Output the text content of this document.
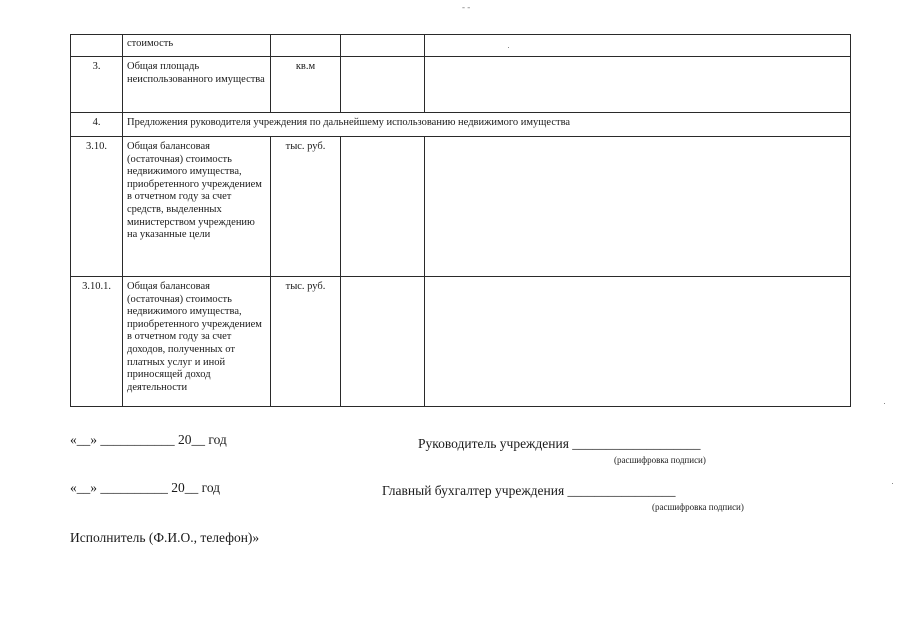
- -
	стоимость			
3.	Общая площадь неиспользованного имущества	кв.м		
4.	Предложения руководителя учреждения по дальнейшему использованию недвижимого имущества			
3.10.	Общая балансовая (остаточная) стоимость недвижимого имущества, приобретенного учреждением в отчетном году за счет средств, выделенных министерством учреждению на указанные цели	тыс. руб.		
3.10.1.	Общая балансовая (остаточная) стоимость недвижимого имущества, приобретенного учреждением в отчетном году за счет доходов, полученных от платных услуг и иной приносящей доход деятельности	тыс. руб.		
«__» ___________ 20__ год	Руководитель учреждения ___________________
(расшифровка подписи)
«__» __________ 20__ год	Главный бухгалтер учреждения ________________
(расшифровка подписи)
Исполнитель (Ф.И.О., телефон)»
